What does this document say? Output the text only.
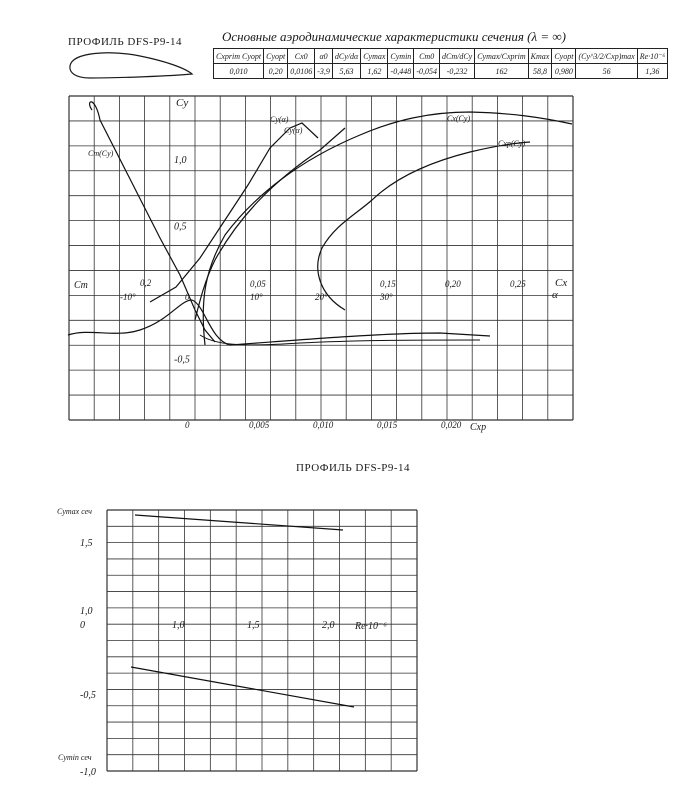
ПРОФИЛЬ DFS-P9-14	Основные аэродинамические характеристики сечения (λ = ∞)
Cxprim Cyopt	Cyopt	Cx0	α0	dCy/dα	Cymax	Cymin	Cm0	dCm/dCy	Cymax/Cxprim	Kmax	Cyopt	(Cy^3/2/Cxp)max	Re·10⁻⁶
0,010	0,20	0,0106	-3,9	5,63	1,62	-0,448	-0,054	-0,232	162	58,8	0,980	56	1,36
ПРОФИЛЬ DFS-P9-14
Cy
1,0
0,5
-0,5
Cm	0,2
-10°	0	10°	20°	30°	α
0,05	0,15	0,20	0,25	Cx
0	0,005	0,010	0,015	0,020 Cxp
Cy(α)	Cx(Cy)
Cxp(Cy)
Cm(Cy)
Cy(α)
1,5
1,0
0
-0,5
-1,0
Cymax сеч
Cymin сеч
1,0	1,5	2,0 Re·10⁻⁶
